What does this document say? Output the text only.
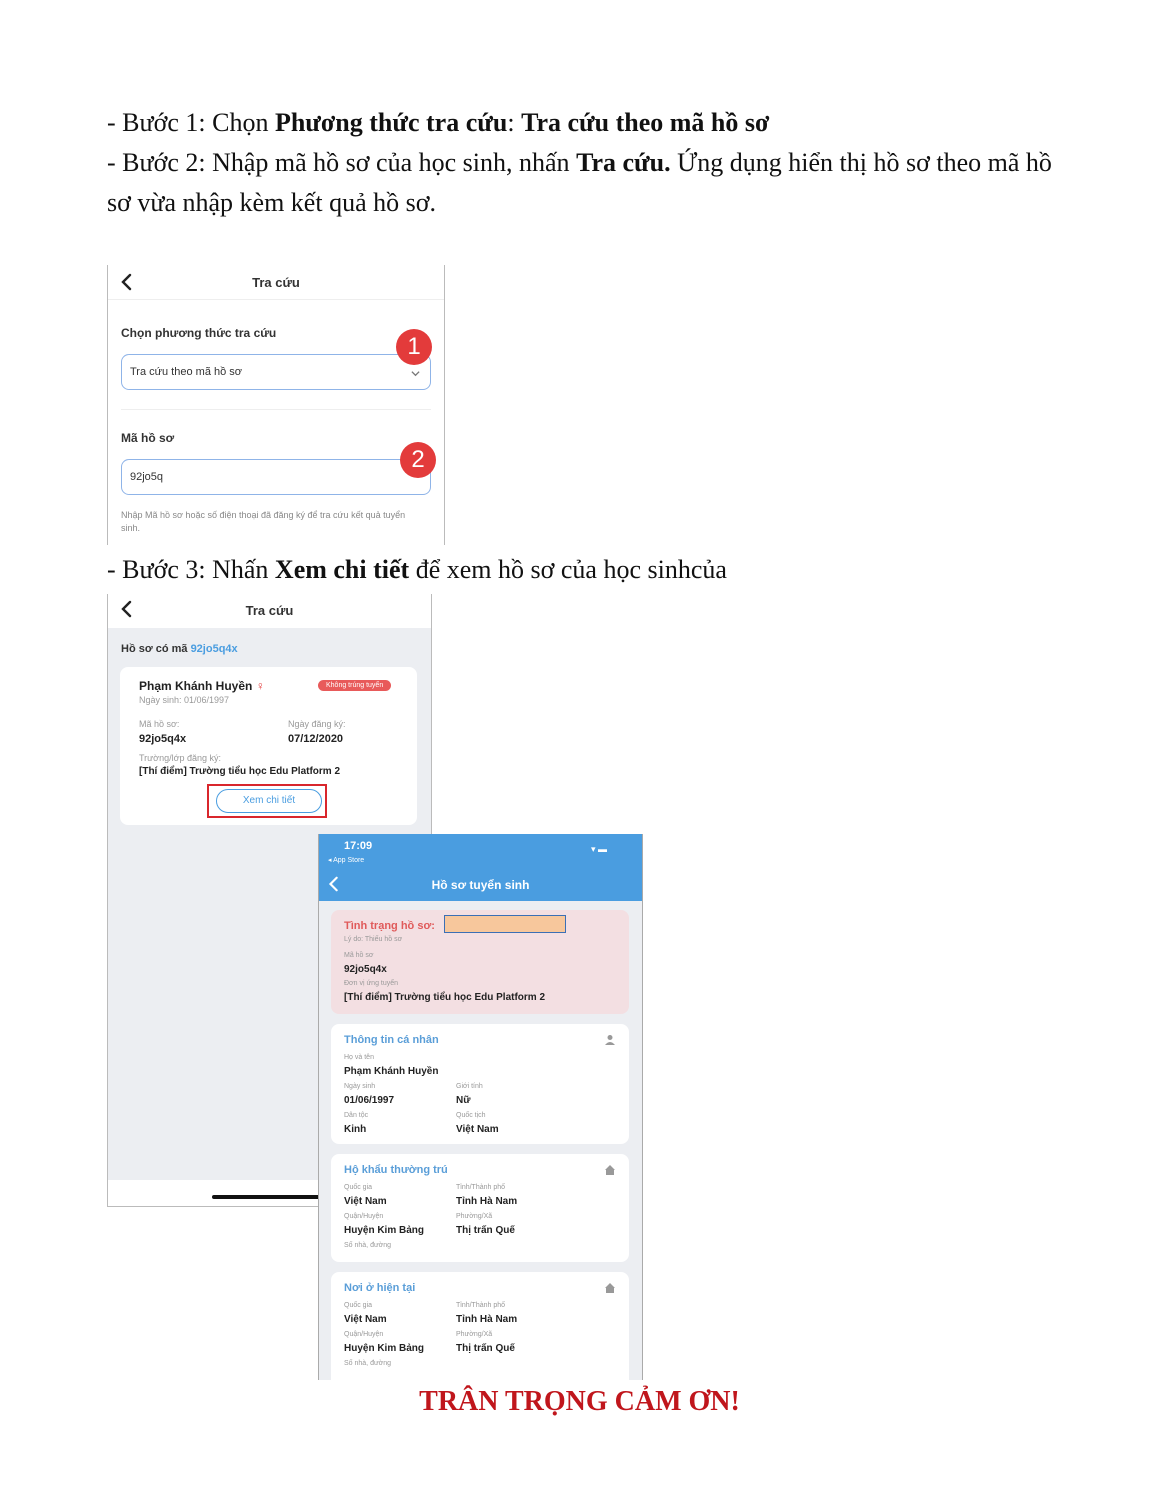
- Bước 1: Chọn Phương thức tra cứu: Tra cứu theo mã hồ sơ
- Bước 2: Nhập mã hồ sơ của học sinh, nhấn Tra cứu. Ứng dụng hiển thị hồ sơ theo mã hồ
sơ vừa nhập kèm kết quả hồ sơ.
Tra cứu
Chọn phương thức tra cứu
Tra cứu theo mã hồ sơ
1
Mã hồ sơ
92jo5q
2
Nhập Mã hồ sơ hoặc số điện thoại đã đăng ký để tra cứu kết quả tuyển sinh.
- Bước 3: Nhấn Xem chi tiết để xem hồ sơ của học sinhcủa
Tra cứu
Hồ sơ có mã 92jo5q4x
Phạm Khánh Huyền ♀	Không trúng tuyển
Ngày sinh: 01/06/1997
Mã hồ sơ:
92jo5q4x
Ngày đăng ký:
07/12/2020
Trường/lớp đăng ký:
[Thí điểm] Trường tiểu học Edu Platform 2
Xem chi tiết
17:09
◂ App Store
▾ ▬
Hồ sơ tuyển sinh
Tình trạng hồ sơ:
Lý do: Thiếu hồ sơ
Mã hồ sơ
92jo5q4x
Đơn vị ứng tuyển
[Thí điểm] Trường tiểu học Edu Platform 2
Thông tin cá nhân
Họ và tên
Phạm Khánh Huyền
Ngày sinh
01/06/1997
Giới tính
Nữ
Dân tộc
Kinh
Quốc tịch
Việt Nam
Hộ khẩu thường trú
Quốc gia
Việt Nam
Tỉnh/Thành phố
Tỉnh Hà Nam
Quận/Huyện
Huyện Kim Bảng
Phường/Xã
Thị trấn Quế
Số nhà, đường
Nơi ở hiện tại
Quốc gia
Việt Nam
Tỉnh/Thành phố
Tỉnh Hà Nam
Quận/Huyện
Huyện Kim Bảng
Phường/Xã
Thị trấn Quế
Số nhà, đường
TRÂN TRỌNG CẢM ƠN!
